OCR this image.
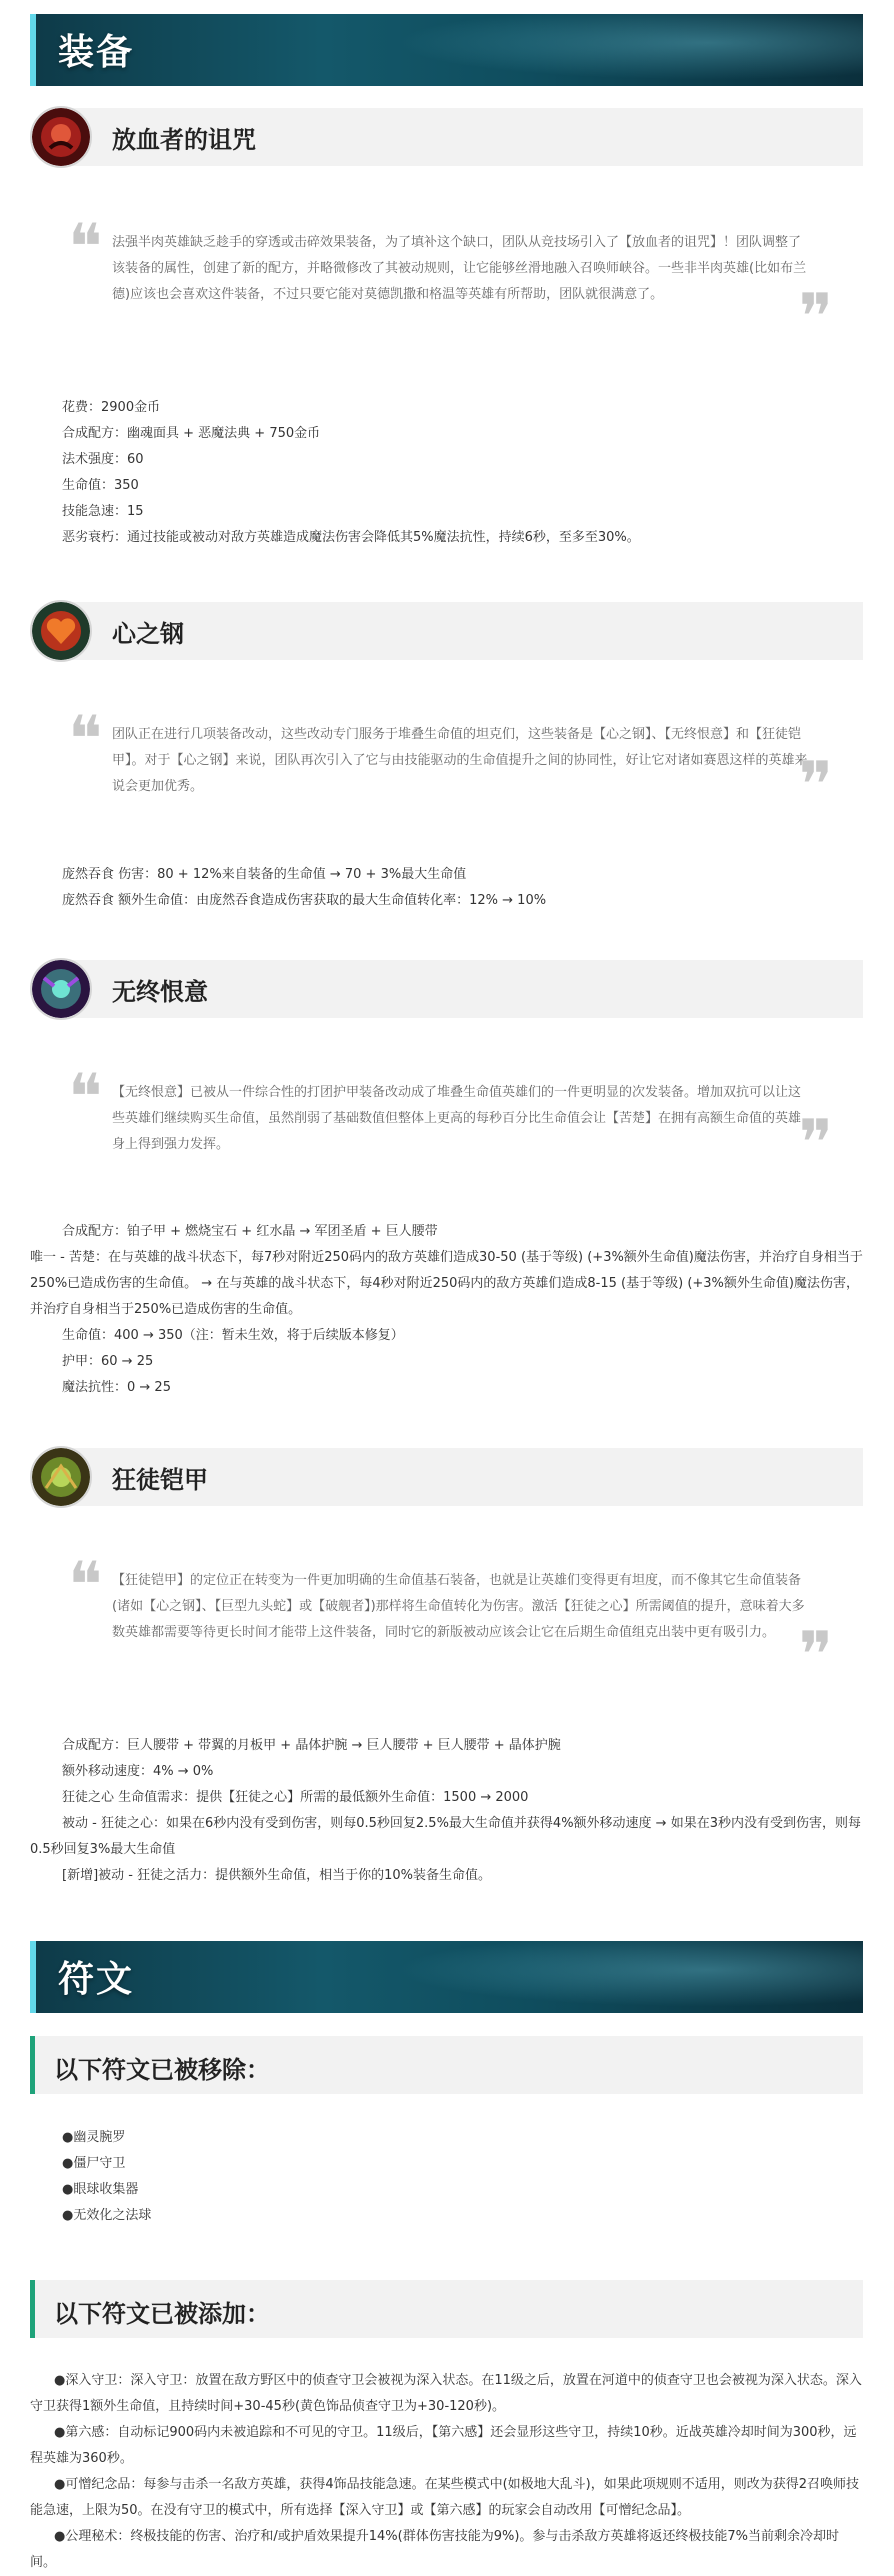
装备
放血者的诅咒
❝ 法强半肉英雄缺乏趁手的穿透或击碎效果装备，为了填补这个缺口，团队从竞技场引入了【放血者的诅咒】！团队调整了该装备的属性，创建了新的配方，并略微修改了其被动规则，让它能够丝滑地融入召唤师峡谷。一些非半肉英雄(比如布兰德)应该也会喜欢这件装备，不过只要它能对莫德凯撒和格温等英雄有所帮助，团队就很满意了。	❞
花费：2900金币
合成配方：幽魂面具 + 恶魔法典 + 750金币
法术强度：60
生命值：350
技能急速：15
恶劣衰朽：通过技能或被动对敌方英雄造成魔法伤害会降低其5%魔法抗性，持续6秒，至多至30%。
心之钢
❝ 团队正在进行几项装备改动，这些改动专门服务于堆叠生命值的坦克们，这些装备是【心之钢】、【无终恨意】和【狂徒铠甲】。对于【心之钢】来说，团队再次引入了它与由技能驱动的生命值提升之间的协同性，好让它对诸如赛恩这样的英雄来说会更加优秀。	❞
庞然吞食 伤害：80 + 12%来自装备的生命值 → 70 + 3%最大生命值
庞然吞食 额外生命值：由庞然吞食造成伤害获取的最大生命值转化率：12% → 10%
无终恨意
❝ 【无终恨意】已被从一件综合性的打团护甲装备改动成了堆叠生命值英雄们的一件更明显的次发装备。增加双抗可以让这些英雄们继续购买生命值，虽然削弱了基础数值但整体上更高的每秒百分比生命值会让【苦楚】在拥有高额生命值的英雄身上得到强力发挥。	❞
合成配方：铂子甲 + 燃烧宝石 + 红水晶 → 军团圣盾 + 巨人腰带

唯一 - 苦楚：在与英雄的战斗状态下，每7秒对附近250码内的敌方英雄们造成30-50 (基于等级) (+3%额外生命值)魔法伤害，并治疗自身相当于250%已造成伤害的生命值。 → 在与英雄的战斗状态下，每4秒对附近250码内的敌方英雄们造成8-15 (基于等级) (+3%额外生命值)魔法伤害，并治疗自身相当于250%已造成伤害的生命值。

生命值：400 → 350（注：暂未生效，将于后续版本修复）
护甲：60 → 25
魔法抗性：0 → 25
狂徒铠甲
❝ 【狂徒铠甲】的定位正在转变为一件更加明确的生命值基石装备，也就是让英雄们变得更有坦度，而不像其它生命值装备(诸如【心之钢】、【巨型九头蛇】或【破舰者】)那样将生命值转化为伤害。激活【狂徒之心】所需阈值的提升，意味着大多数英雄都需要等待更长时间才能带上这件装备，同时它的新版被动应该会让它在后期生命值组克出装中更有吸引力。 ❞
合成配方：巨人腰带 + 带翼的月板甲 + 晶体护腕 → 巨人腰带 + 巨人腰带 + 晶体护腕
额外移动速度：4% → 0%
狂徒之心 生命值需求：提供【狂徒之心】所需的最低额外生命值：1500 → 2000

被动 - 狂徒之心：如果在6秒内没有受到伤害，则每0.5秒回复2.5%最大生命值并获得4%额外移动速度 → 如果在3秒内没有受到伤害，则每0.5秒回复3%最大生命值

[新增]被动 - 狂徒之活力：提供额外生命值，相当于你的10%装备生命值。
符文
以下符文已被移除：
●幽灵腕罗
●僵尸守卫
●眼球收集器
●无效化之法球
以下符文已被添加：

●深入守卫：深入守卫：放置在敌方野区中的侦查守卫会被视为深入状态。在11级之后，放置在河道中的侦查守卫也会被视为深入状态。深入守卫获得1额外生命值，且持续时间+30-45秒(黄色饰品侦查守卫为+30-120秒)。

●第六感：自动标记900码内未被追踪和不可见的守卫。11级后，【第六感】还会显形这些守卫，持续10秒。近战英雄冷却时间为300秒，远程英雄为360秒。

●可憎纪念品：每参与击杀一名敌方英雄，获得4饰品技能急速。在某些模式中(如极地大乱斗)，如果此项规则不适用，则改为获得2召唤师技能急速，上限为50。在没有守卫的模式中，所有选择【深入守卫】或【第六感】的玩家会自动改用【可憎纪念品】。

●公理秘术：终极技能的伤害、治疗和/或护盾效果提升14%(群体伤害技能为9%)。参与击杀敌方英雄将返还终极技能7%当前剩余冷却时间。
